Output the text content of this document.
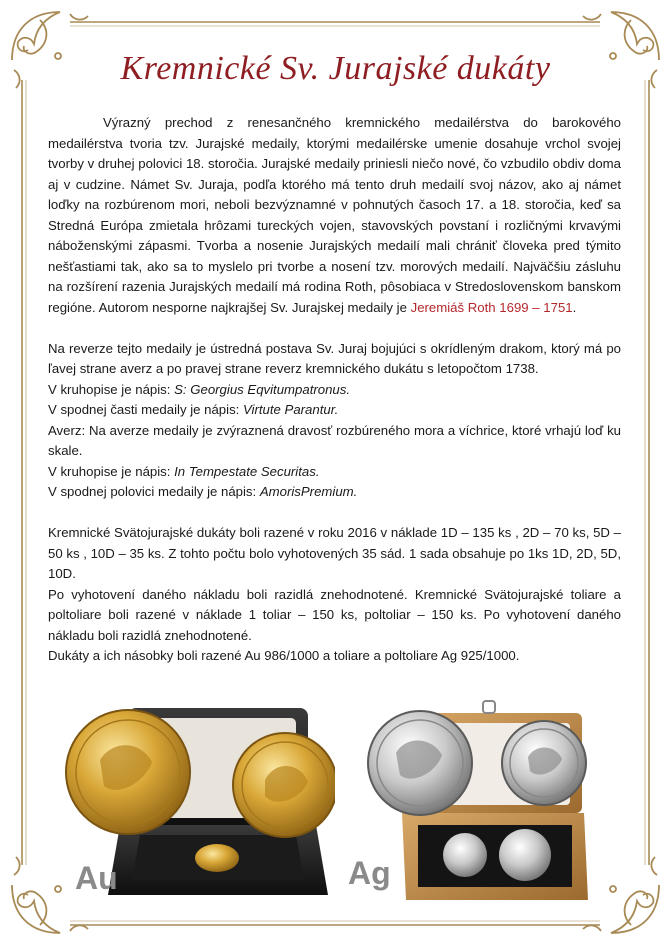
Kremnické Sv. Jurajské dukáty

Výrazný prechod z renesančného kremnického medailérstva do barokového medailérstva tvoria tzv. Jurajské medaily, ktorými medailérske umenie dosahuje vrchol svojej tvorby v druhej polovici 18. storočia. Jurajské medaily priniesli niečo nové, čo vzbudilo obdiv doma aj v cudzine. Námet Sv. Juraja, podľa ktorého má tento druh medailí svoj názov, ako aj námet loďky na rozbúrenom mori, neboli bezvýznamné v pohnutých časoch 17. a 18. storočia, keď sa Stredná Európa zmietala hrôzami tureckých vojen, stavovských povstaní i rozličnými krvavými náboženskými zápasmi. Tvorba a nosenie Jurajských medailí mali chrániť človeka pred týmito nešťastiami tak, ako sa to myslelo pri tvorbe a nosení tzv. morových medailí. Najväčšiu zásluhu na rozšírení razenia Jurajských medailí má rodina Roth, pôsobiaca v Stredoslovenskom banskom regióne. Autorom nesporne najkrajšej Sv. Jurajskej medaily je Jeremiáš Roth 1699 – 1751.

Na reverze tejto medaily je ústredná postava Sv. Juraj bojujúci s okrídleným drakom, ktorý má po ľavej strane averz a po pravej strane reverz kremnického dukátu s letopočtom 1738.

V kruhopise je nápis: S: Georgius Eqvitumpatronus.

V spodnej časti medaily je nápis: Virtute Parantur.

Averz: Na averze medaily je zvýraznená dravosť rozbúreného mora a víchrice, ktoré vrhajú loď ku skale.

V kruhopise je nápis: In Tempestate Securitas.

V spodnej polovici medaily je nápis: AmorisPremium.

Kremnické Svätojurajské dukáty boli razené v roku 2016 v náklade 1D – 135 ks , 2D – 70 ks, 5D – 50 ks , 10D – 35 ks. Z tohto počtu bolo vyhotovených 35 sád. 1 sada obsahuje po 1ks 1D, 2D, 5D, 10D.

Po vyhotovení daného nákladu boli razidlá znehodnotené. Kremnické Svätojurajské toliare a poltoliare boli razené v náklade 1 toliar – 150 ks, poltoliar – 150 ks. Po vyhotovení daného nákladu boli razidlá znehodnotené.

Dukáty a ich násobky boli razené Au 986/1000 a toliare a poltoliare Ag 925/1000.

Au	Ag
